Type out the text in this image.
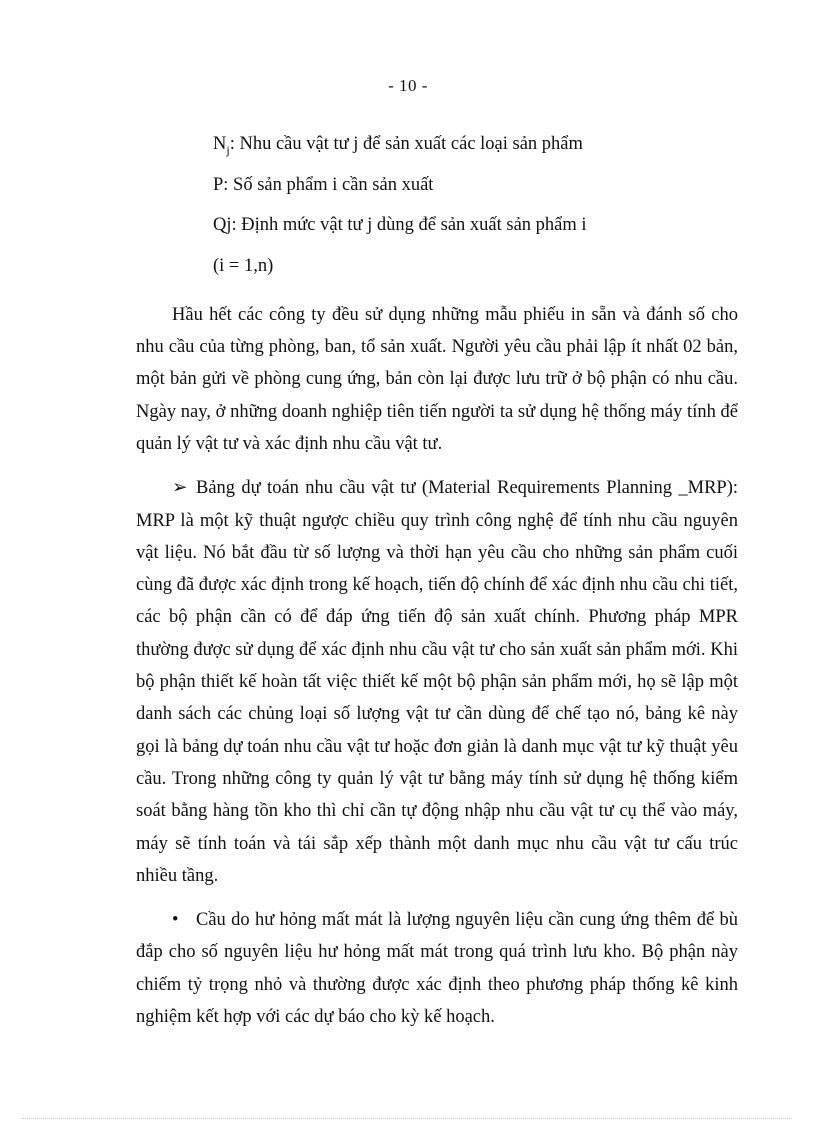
- 10 -

$N_j$: Nhu cầu vật tư j để sản xuất các loại sản phẩm

P: Số sản phẩm i cần sản xuất

Qj: Định mức vật tư j dùng để sản xuất sản phẩm i

(i = 1,n)

Hầu hết các công ty đều sử dụng những mẫu phiếu in sẵn và đánh số cho nhu cầu của từng phòng, ban, tổ sản xuất. Người yêu cầu phải lập ít nhất 02 bản, một bản gửi về phòng cung ứng, bản còn lại được lưu trữ ở bộ phận có nhu cầu. Ngày nay, ở những doanh nghiệp tiên tiến người ta sử dụng hệ thống máy tính để quản lý vật tư và xác định nhu cầu vật tư.

➢ Bảng dự toán nhu cầu vật tư (Material Requirements Planning _MRP): MRP là một kỹ thuật ngược chiều quy trình công nghệ để tính nhu cầu nguyên vật liệu. Nó bắt đầu từ số lượng và thời hạn yêu cầu cho những sản phẩm cuối cùng đã được xác định trong kế hoạch, tiến độ chính để xác định nhu cầu chi tiết, các bộ phận cần có để đáp ứng tiến độ sản xuất chính. Phương pháp MPR thường được sử dụng để xác định nhu cầu vật tư cho sản xuất sản phẩm mới. Khi bộ phận thiết kế hoàn tất việc thiết kế một bộ phận sản phẩm mới, họ sẽ lập một danh sách các chủng loại số lượng vật tư cần dùng để chế tạo nó, bảng kê này gọi là bảng dự toán nhu cầu vật tư hoặc đơn giản là danh mục vật tư kỹ thuật yêu cầu. Trong những công ty quản lý vật tư bằng máy tính sử dụng hệ thống kiểm soát bằng hàng tồn kho thì chỉ cần tự động nhập nhu cầu vật tư cụ thể vào máy, máy sẽ tính toán và tái sắp xếp thành một danh mục nhu cầu vật tư cấu trúc nhiều tầng.

• Cầu do hư hỏng mất mát là lượng nguyên liệu cần cung ứng thêm để bù đắp cho số nguyên liệu hư hỏng mất mát trong quá trình lưu kho. Bộ phận này chiếm tỷ trọng nhỏ và thường được xác định theo phương pháp thống kê kinh nghiệm kết hợp với các dự báo cho kỳ kế hoạch.
